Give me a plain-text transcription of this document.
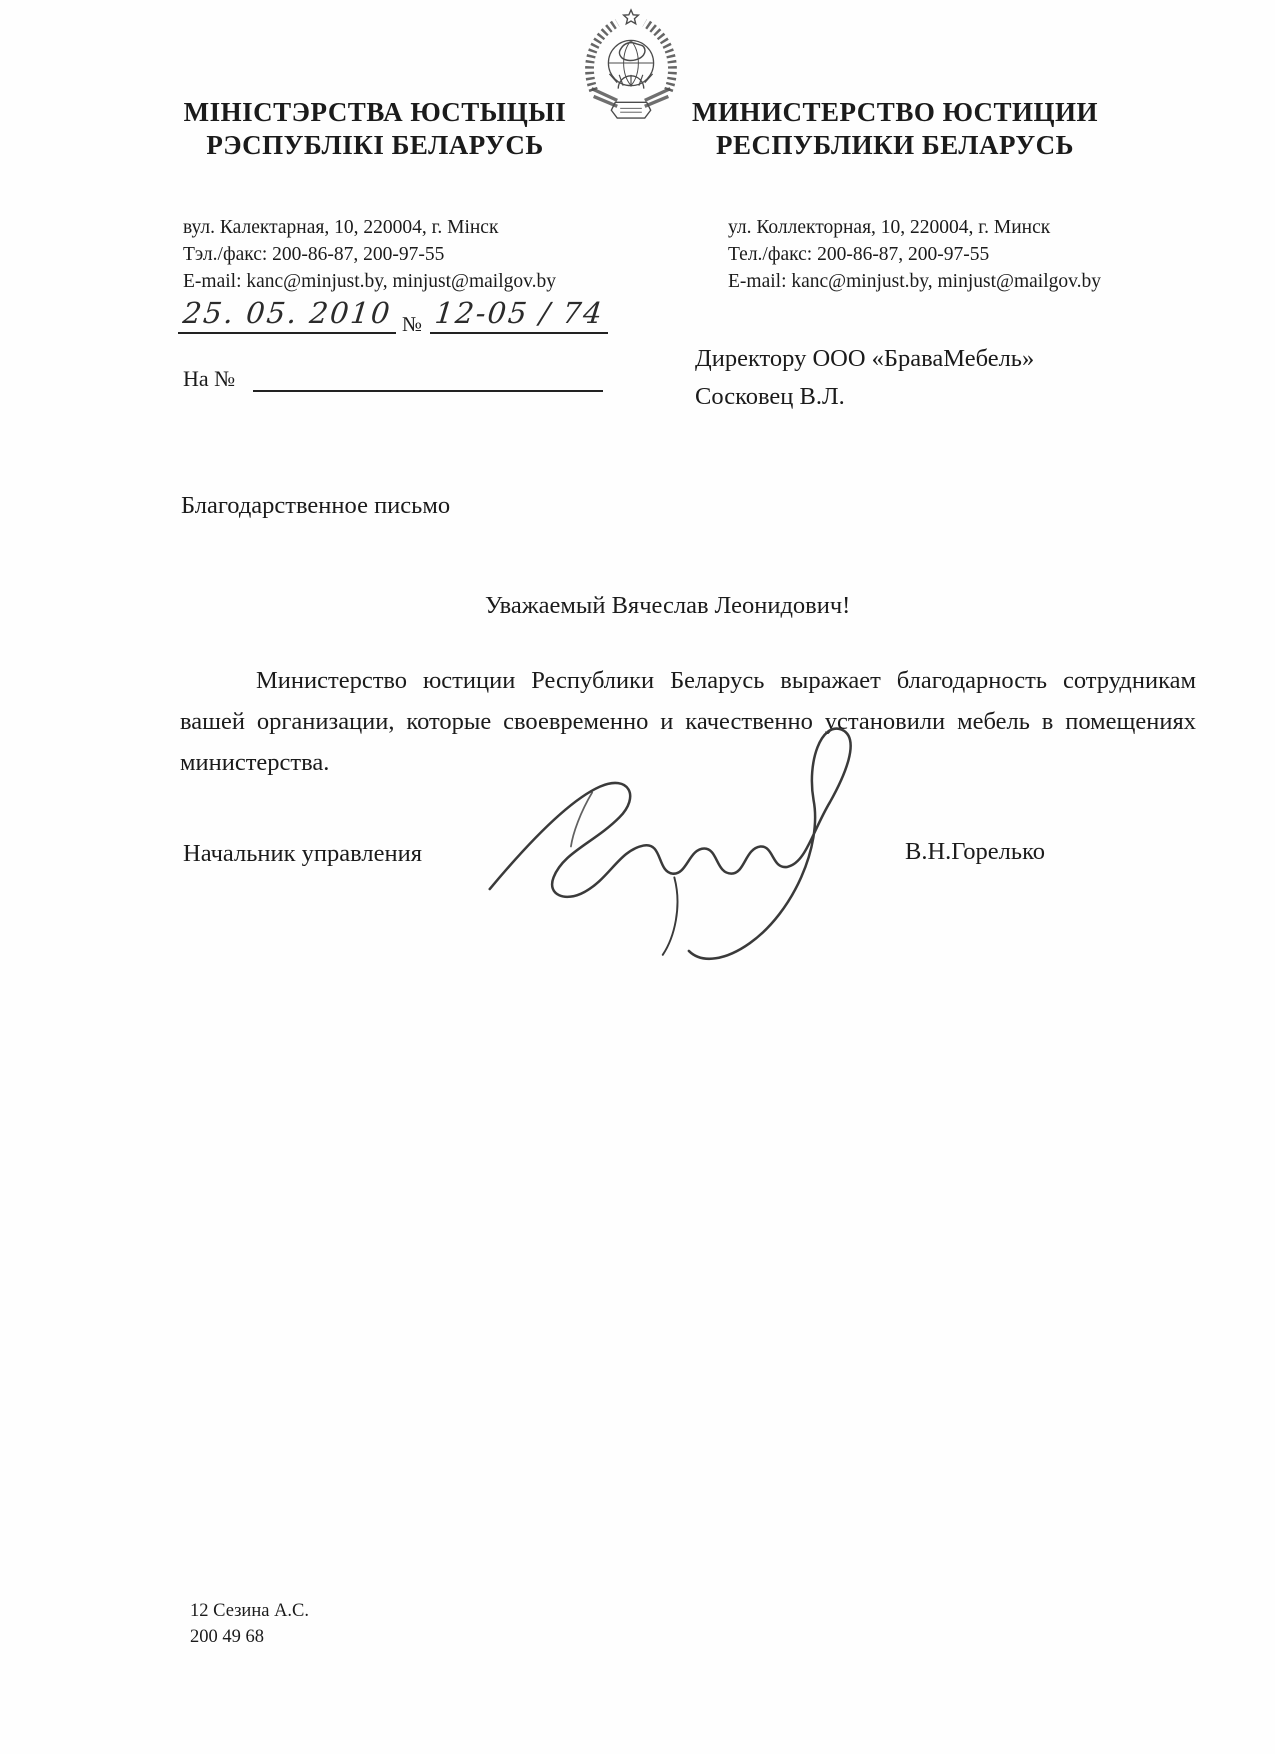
МІНІСТЭРСТВА ЮСТЫЦЫІ
РЭСПУБЛІКІ БЕЛАРУСЬ
МИНИСТЕРСТВО ЮСТИЦИИ
РЕСПУБЛИКИ БЕЛАРУСЬ
вул. Калектарная, 10, 220004, г. Мінск
Тэл./факс: 200-86-87, 200-97-55
E-mail: kanc@minjust.by, minjust@mailgov.by
ул. Коллекторная, 10, 220004, г. Минск
Тел./факс: 200-86-87, 200-97-55
E-mail: kanc@minjust.by, minjust@mailgov.by
25. 05. 2010 № 12-05 / 74
На №
Директору ООО «БраваМебель»
Сосковец В.Л.
Благодарственное письмо
Уважаемый Вячеслав Леонидович!
Министерство юстиции Республики Беларусь выражает благодарность сотрудникам вашей организации, которые своевременно и качественно установили мебель в помещениях министерства.
Начальник управления	В.Н.Горелько
12 Сезина А.С.
200 49 68
